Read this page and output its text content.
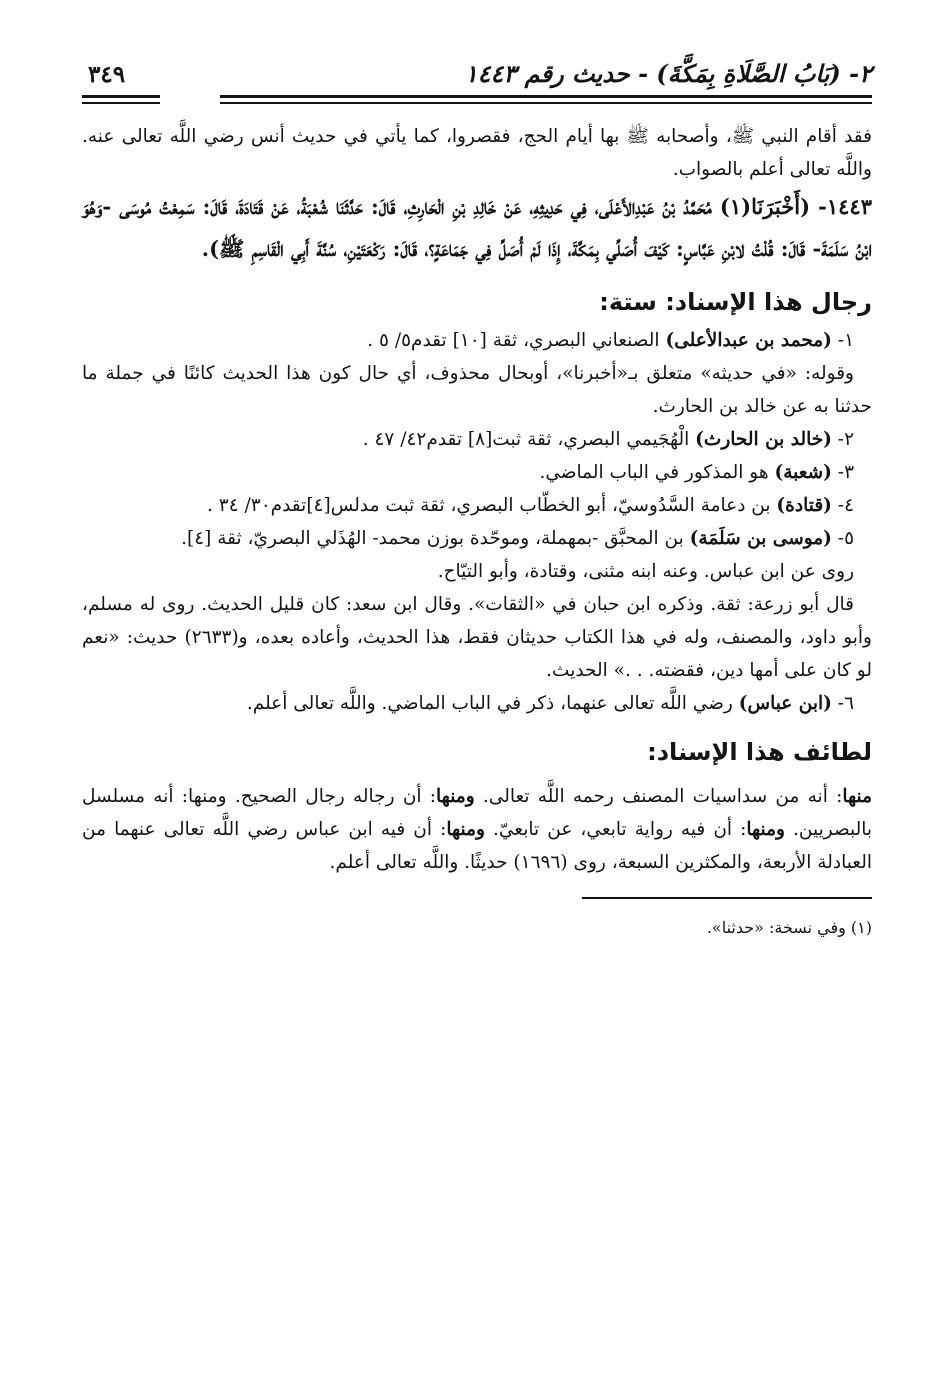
٢- (بَابُ الصَّلَاةِ بِمَكَّةَ) - حديث رقم ١٤٤٣
٣٤٩

فقد أقام النبي ﷺ، وأصحابه ﷺ بها أيام الحج، فقصروا، كما يأتي في حديث أنس رضي اللَّه تعالى عنه. واللَّه تعالى أعلم بالصواب.

١٤٤٣- (أَخْبَرَنَا(١) مُحَمَّدُ بْنُ عَبْدِالأَعْلَى، فِي حَدِيثِهِ، عَنْ خَالِدِ بْنِ الْحَارِثِ، قَالَ: حَدَّثَنَا شُعْبَةُ، عَنْ قَتَادَةَ، قَالَ: سَمِعْتُ مُوسَى -وَهُوَ ابْنُ سَلَمَةَ- قَالَ: قُلْتُ لابْنِ عَبَّاسٍ: كَيْفَ أُصَلِّي بِمَكَّةَ، إِذَا لَمْ أُصَلِّ فِي جَمَاعَةٍ؟، قَالَ: رَكْعَتَيْنِ، سُنَّةَ أَبِي الْقَاسِمِ ﷺ).

رجال هذا الإسناد: ستة:

١- (محمد بن عبدالأعلى) الصنعاني البصري، ثقة [١٠] تقدم٥/ ٥ .

وقوله: «في حديثه» متعلق بـ«أخبرنا»، أوبحال محذوف، أي حال كون هذا الحديث كائنًا في جملة ما حدثنا به عن خالد بن الحارث.

٢- (خالد بن الحارث) الْهُجَيمي البصري، ثقة ثبت[٨] تقدم٤٢/ ٤٧ .

٣- (شعبة) هو المذكور في الباب الماضي.

٤- (قتادة) بن دعامة السَّدُوسيّ، أبو الخطّاب البصري، ثقة ثبت مدلس[٤]تقدم٣٠/ ٣٤ .

٥- (موسى بن سَلَمَة) بن المحبَّق -بمهملة، وموحّدة بوزن محمد- الهُذَلي البصريّ، ثقة [٤].

روى عن ابن عباس. وعنه ابنه مثنى، وقتادة، وأبو التيّاح.

قال أبو زرعة: ثقة. وذكره ابن حبان في «الثقات». وقال ابن سعد: كان قليل الحديث. روى له مسلم، وأبو داود، والمصنف، وله في هذا الكتاب حديثان فقط، هذا الحديث، وأعاده بعده، و(٢٦٣٣) حديث: «نعم لو كان على أمها دين، فقضته. . .» الحديث.

٦- (ابن عباس) رضي اللَّه تعالى عنهما، ذكر في الباب الماضي. واللَّه تعالى أعلم.

لطائف هذا الإسناد:

منها: أنه من سداسيات المصنف رحمه اللَّه تعالى. ومنها: أن رجاله رجال الصحيح. ومنها: أنه مسلسل بالبصريين. ومنها: أن فيه رواية تابعي، عن تابعيّ. ومنها: أن فيه ابن عباس رضي اللَّه تعالى عنهما من العبادلة الأربعة، والمكثرين السبعة، روى (١٦٩٦) حديثًا. واللَّه تعالى أعلم.

(١) وفي نسخة: «حدثنا».
